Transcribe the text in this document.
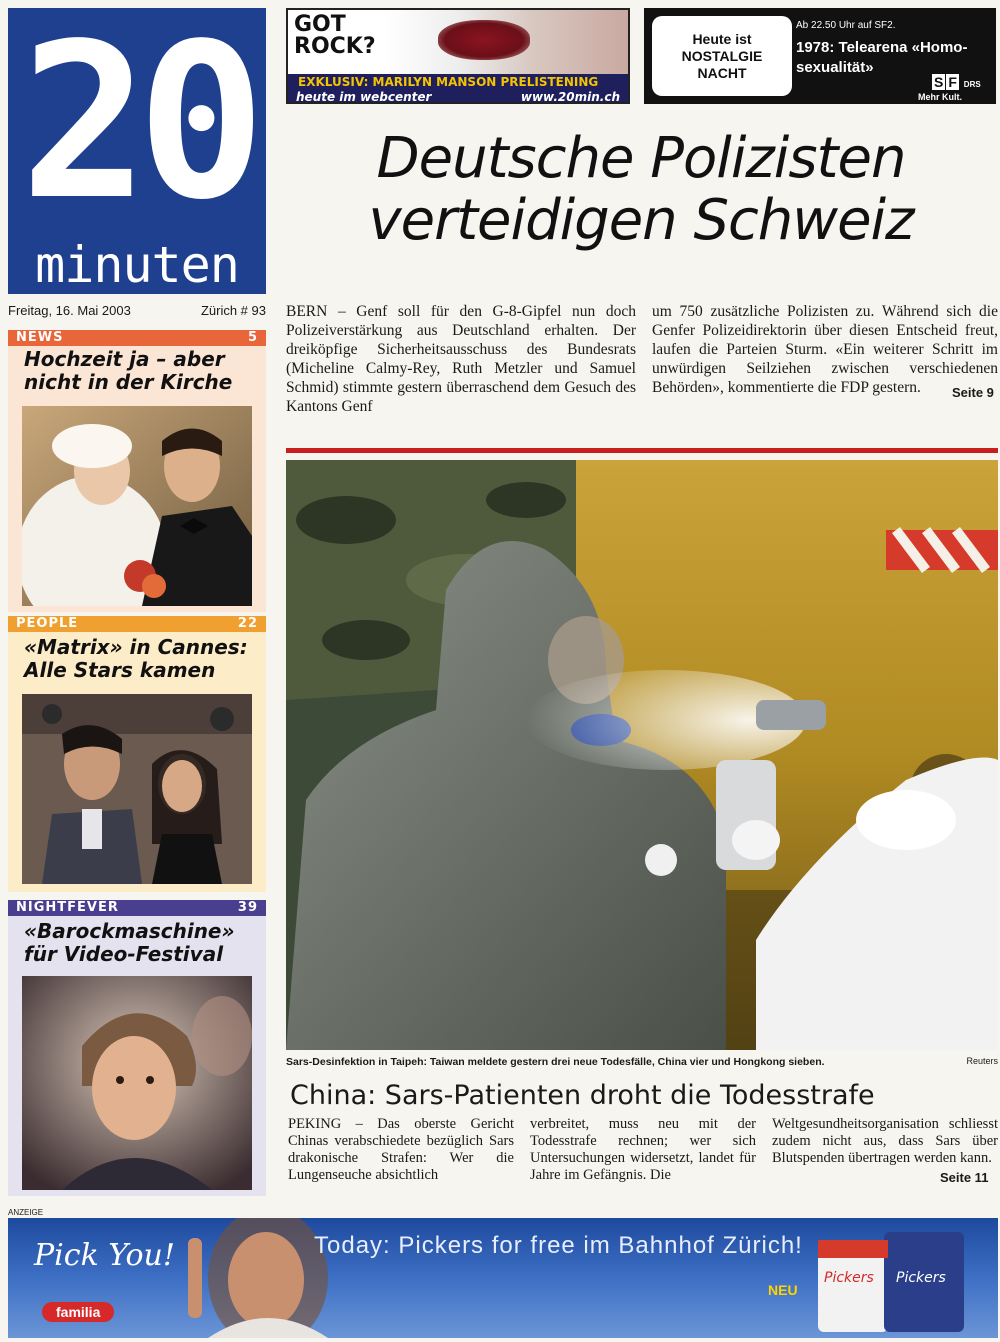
20
minuten
Freitag, 16. Mai 2003	Zürich # 93
GOT ROCK?
EXKLUSIV: MARILYN MANSON PRELISTENING
heute im webcenter	www.20min.ch
Heute ist
NOSTALGIE
NACHT
Ab 22.50 Uhr auf SF2.
1978: Telearena «Homo-sexualität»
S F DRS
Mehr Kult.
Deutsche Polizisten
verteidigen Schweiz
BERN – Genf soll für den G-8-Gipfel nun doch Polizeiverstärkung aus Deutschland erhalten. Der dreiköpfige Sicherheitsausschuss des Bundesrats (Micheline Calmy-Rey, Ruth Metzler und Samuel Schmid) stimmte gestern überraschend dem Gesuch des Kantons Genf
um 750 zusätzliche Polizisten zu. Während sich die Genfer Polizeidirektorin über diesen Entscheid freut, laufen die Parteien Sturm. «Ein weiterer Schritt im unwürdigen Seilziehen zwischen verschiedenen Behörden», kommentierte die FDP gestern.	Seite 9
Hochzeit ja – aber nicht in der Kirche
NEWS	5
«Matrix» in Cannes: Alle Stars kamen
PEOPLE	22
«Barockmaschine» für Video-Festival
NIGHTFEVER	39
Sars-Desinfektion in Taipeh: Taiwan meldete gestern drei neue Todesfälle, China vier und Hongkong sieben.	Reuters
China: Sars-Patienten droht die Todesstrafe
PEKING – Das oberste Gericht Chinas verabschiedete bezüglich Sars drakonische Strafen: Wer die Lungenseuche absichtlich
verbreitet, muss neu mit der Todesstrafe rechnen; wer sich Untersuchungen widersetzt, landet für Jahre im Gefängnis. Die
Weltgesundheitsorganisation schliesst zudem nicht aus, dass Sars über Blutspenden übertragen werden kann.
Seite 11
ANZEIGE
Pick You!
familia
Today: Pickers for free im Bahnhof Zürich!
NEU
Pickers Pickers
